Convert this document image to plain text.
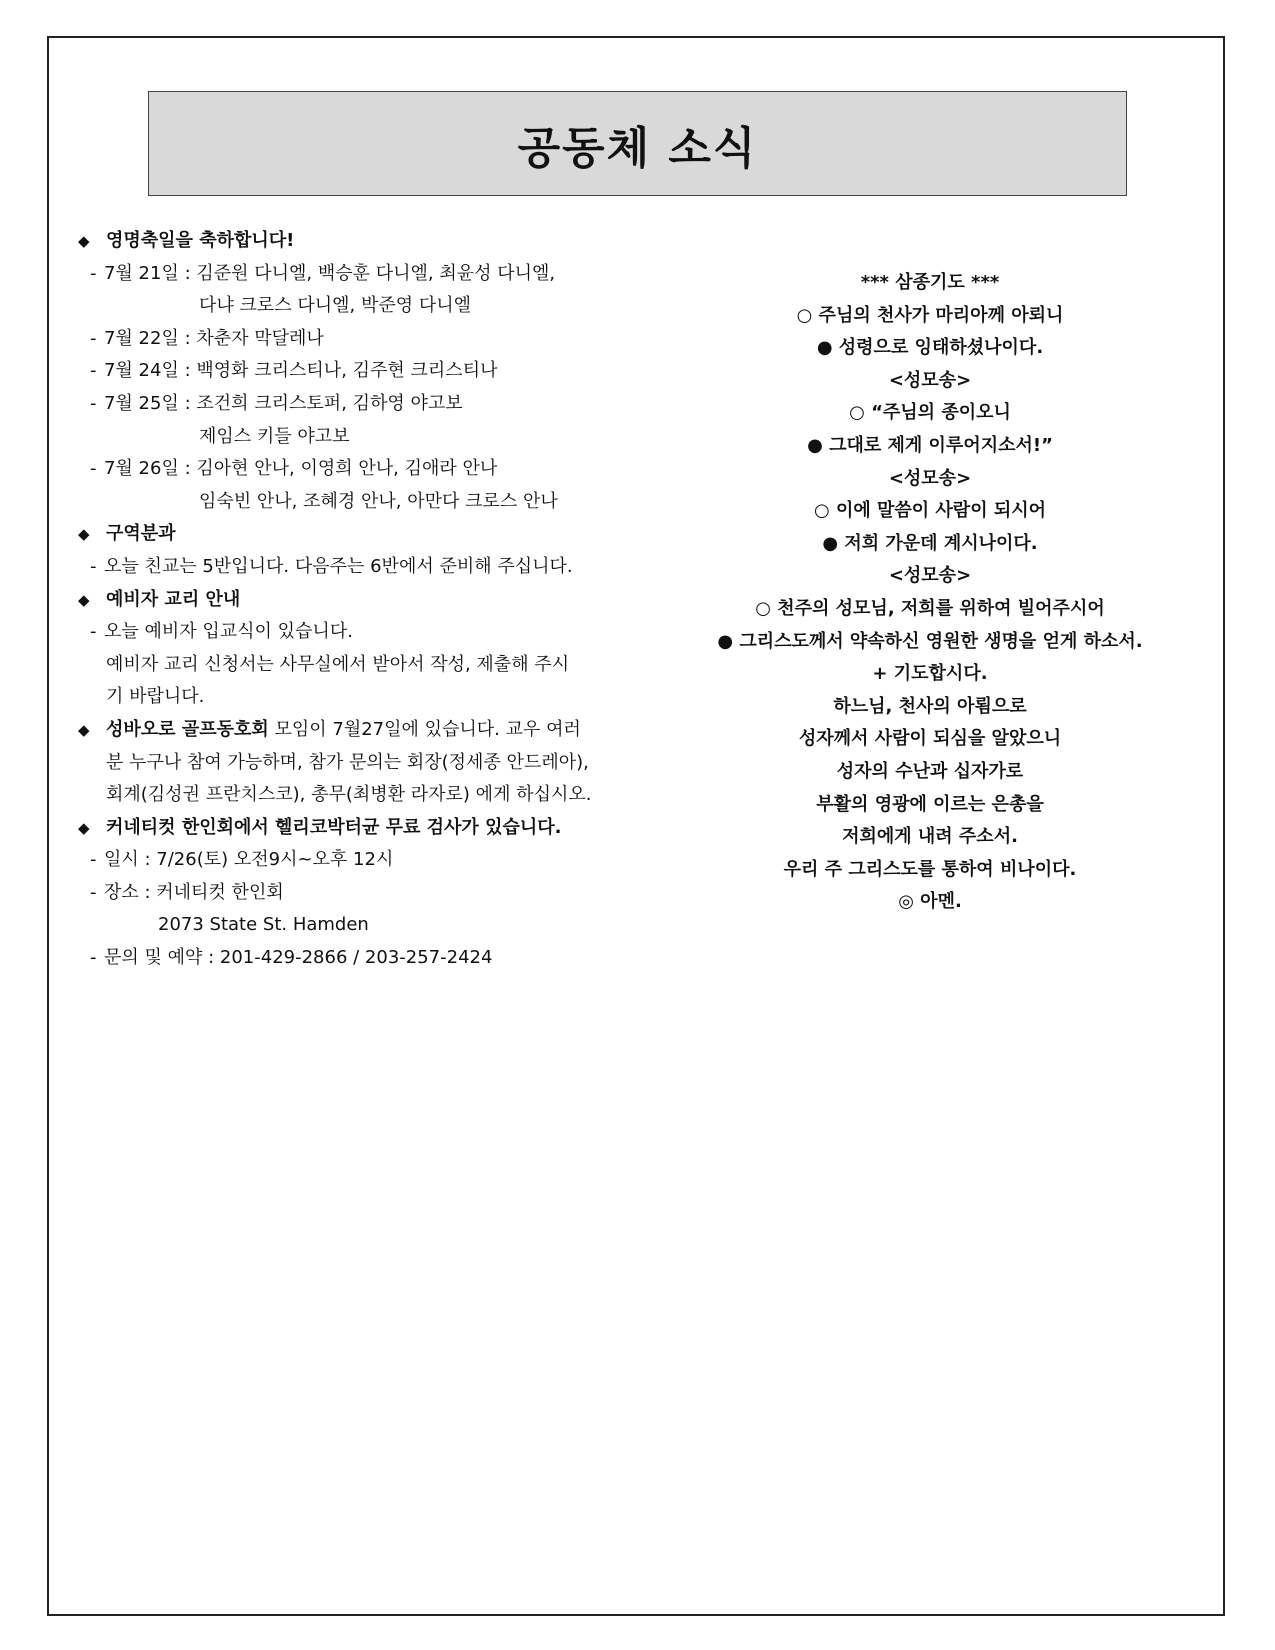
공동체 소식
◆ 영명축일을 축하합니다!
- 7월 21일 : 김준원 다니엘, 백승훈 다니엘, 최윤성 다니엘,
다냐 크로스 다니엘, 박준영 다니엘
- 7월 22일 : 차춘자 막달레나
- 7월 24일 : 백영화 크리스티나, 김주현 크리스티나
- 7월 25일 : 조건희 크리스토퍼, 김하영 야고보
제임스 키들 야고보
- 7월 26일 : 김아현 안나, 이영희 안나, 김애라 안나
임숙빈 안나, 조혜경 안나, 아만다 크로스 안나
◆ 구역분과
- 오늘 친교는 5반입니다. 다음주는 6반에서 준비해 주십니다.
◆ 예비자 교리 안내
- 오늘 예비자 입교식이 있습니다.
예비자 교리 신청서는 사무실에서 받아서 작성, 제출해 주시
기 바랍니다.
◆ 성바오로 골프동호회 모임이 7월27일에 있습니다. 교우 여러
분 누구나 참여 가능하며, 참가 문의는 회장(정세종 안드레아),
회계(김성권 프란치스코), 총무(최병환 라자로) 에게 하십시오.
◆ 커네티컷 한인회에서 헬리코박터균 무료 검사가 있습니다.
- 일시 : 7/26(토) 오전9시~오후 12시
- 장소 : 커네티컷 한인회
2073 State St. Hamden
- 문의 및 예약 : 201-429-2866 / 203-257-2424
*** 삼종기도 ***
○ 주님의 천사가 마리아께 아뢰니
● 성령으로 잉태하셨나이다.
<성모송>
○ “주님의 종이오니
● 그대로 제게 이루어지소서!”
<성모송>
○ 이에 말씀이 사람이 되시어
● 저희 가운데 계시나이다.
<성모송>
○ 천주의 성모님, 저희를 위하여 빌어주시어
● 그리스도께서 약속하신 영원한 생명을 얻게 하소서.
+ 기도합시다.
하느님, 천사의 아룀으로
성자께서 사람이 되심을 알았으니
성자의 수난과 십자가로
부활의 영광에 이르는 은총을
저희에게 내려 주소서.
우리 주 그리스도를 통하여 비나이다.
◎ 아멘.
